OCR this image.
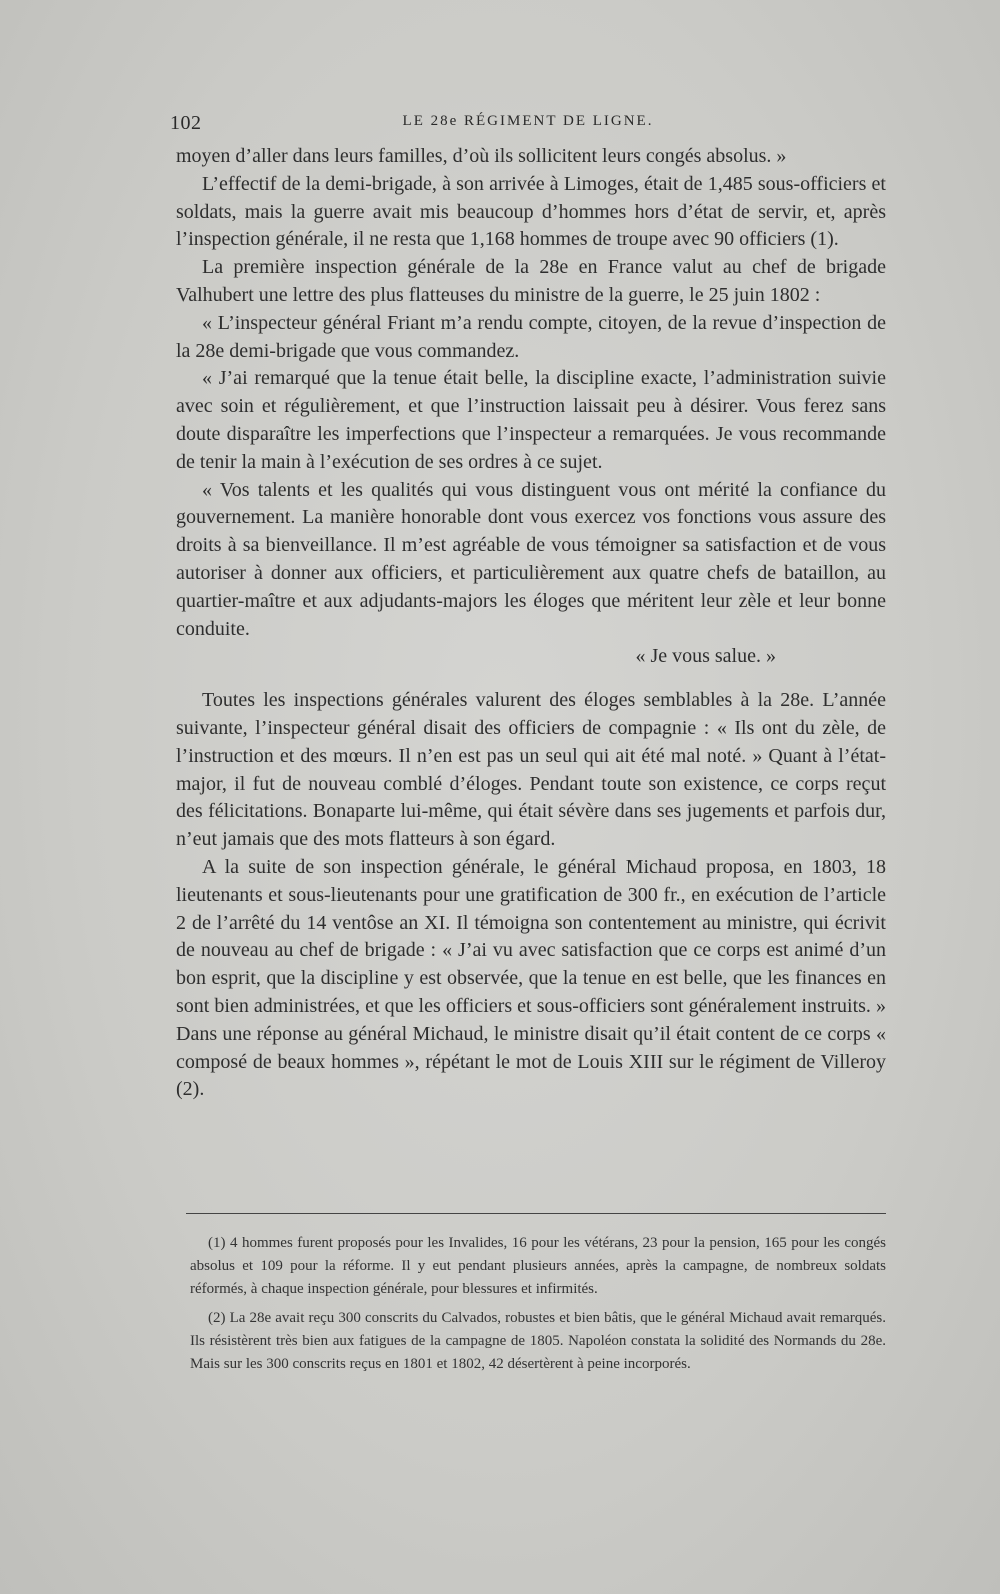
102	LE 28e RÉGIMENT DE LIGNE.

moyen d’aller dans leurs familles, d’où ils sollicitent leurs congés absolus. »

L’effectif de la demi-brigade, à son arrivée à Limoges, était de 1,485 sous-officiers et soldats, mais la guerre avait mis beaucoup d’hommes hors d’état de servir, et, après l’inspection générale, il ne resta que 1,168 hommes de troupe avec 90 officiers (1).

La première inspection générale de la 28e en France valut au chef de brigade Valhubert une lettre des plus flatteuses du ministre de la guerre, le 25 juin 1802 :

« L’inspecteur général Friant m’a rendu compte, citoyen, de la revue d’inspection de la 28e demi-brigade que vous commandez.

« J’ai remarqué que la tenue était belle, la discipline exacte, l’administration suivie avec soin et régulièrement, et que l’instruction laissait peu à désirer. Vous ferez sans doute disparaître les imperfections que l’inspecteur a remarquées. Je vous recommande de tenir la main à l’exécution de ses ordres à ce sujet.

« Vos talents et les qualités qui vous distinguent vous ont mérité la confiance du gouvernement. La manière honorable dont vous exercez vos fonctions vous assure des droits à sa bienveillance. Il m’est agréable de vous témoigner sa satisfaction et de vous autoriser à donner aux officiers, et particulièrement aux quatre chefs de bataillon, au quartier-maître et aux adjudants-majors les éloges que méritent leur zèle et leur bonne conduite.

« Je vous salue. »

Toutes les inspections générales valurent des éloges semblables à la 28e. L’année suivante, l’inspecteur général disait des officiers de compagnie : « Ils ont du zèle, de l’instruction et des mœurs. Il n’en est pas un seul qui ait été mal noté. » Quant à l’état-major, il fut de nouveau comblé d’éloges. Pendant toute son existence, ce corps reçut des félicitations. Bonaparte lui-même, qui était sévère dans ses jugements et parfois dur, n’eut jamais que des mots flatteurs à son égard.

A la suite de son inspection générale, le général Michaud proposa, en 1803, 18 lieutenants et sous-lieutenants pour une gratification de 300 fr., en exécution de l’article 2 de l’arrêté du 14 ventôse an XI. Il témoigna son contentement au ministre, qui écrivit de nouveau au chef de brigade : « J’ai vu avec satisfaction que ce corps est animé d’un bon esprit, que la discipline y est observée, que la tenue en est belle, que les finances en sont bien administrées, et que les officiers et sous-officiers sont généralement instruits. » Dans une réponse au général Michaud, le ministre disait qu’il était content de ce corps « composé de beaux hommes », répétant le mot de Louis XIII sur le régiment de Villeroy (2).

(1) 4 hommes furent proposés pour les Invalides, 16 pour les vétérans, 23 pour la pension, 165 pour les congés absolus et 109 pour la réforme. Il y eut pendant plusieurs années, après la campagne, de nombreux soldats réformés, à chaque inspection générale, pour blessures et infirmités.

(2) La 28e avait reçu 300 conscrits du Calvados, robustes et bien bâtis, que le général Michaud avait remarqués. Ils résistèrent très bien aux fatigues de la campagne de 1805. Napoléon constata la solidité des Normands du 28e. Mais sur les 300 conscrits reçus en 1801 et 1802, 42 désertèrent à peine incorporés.
